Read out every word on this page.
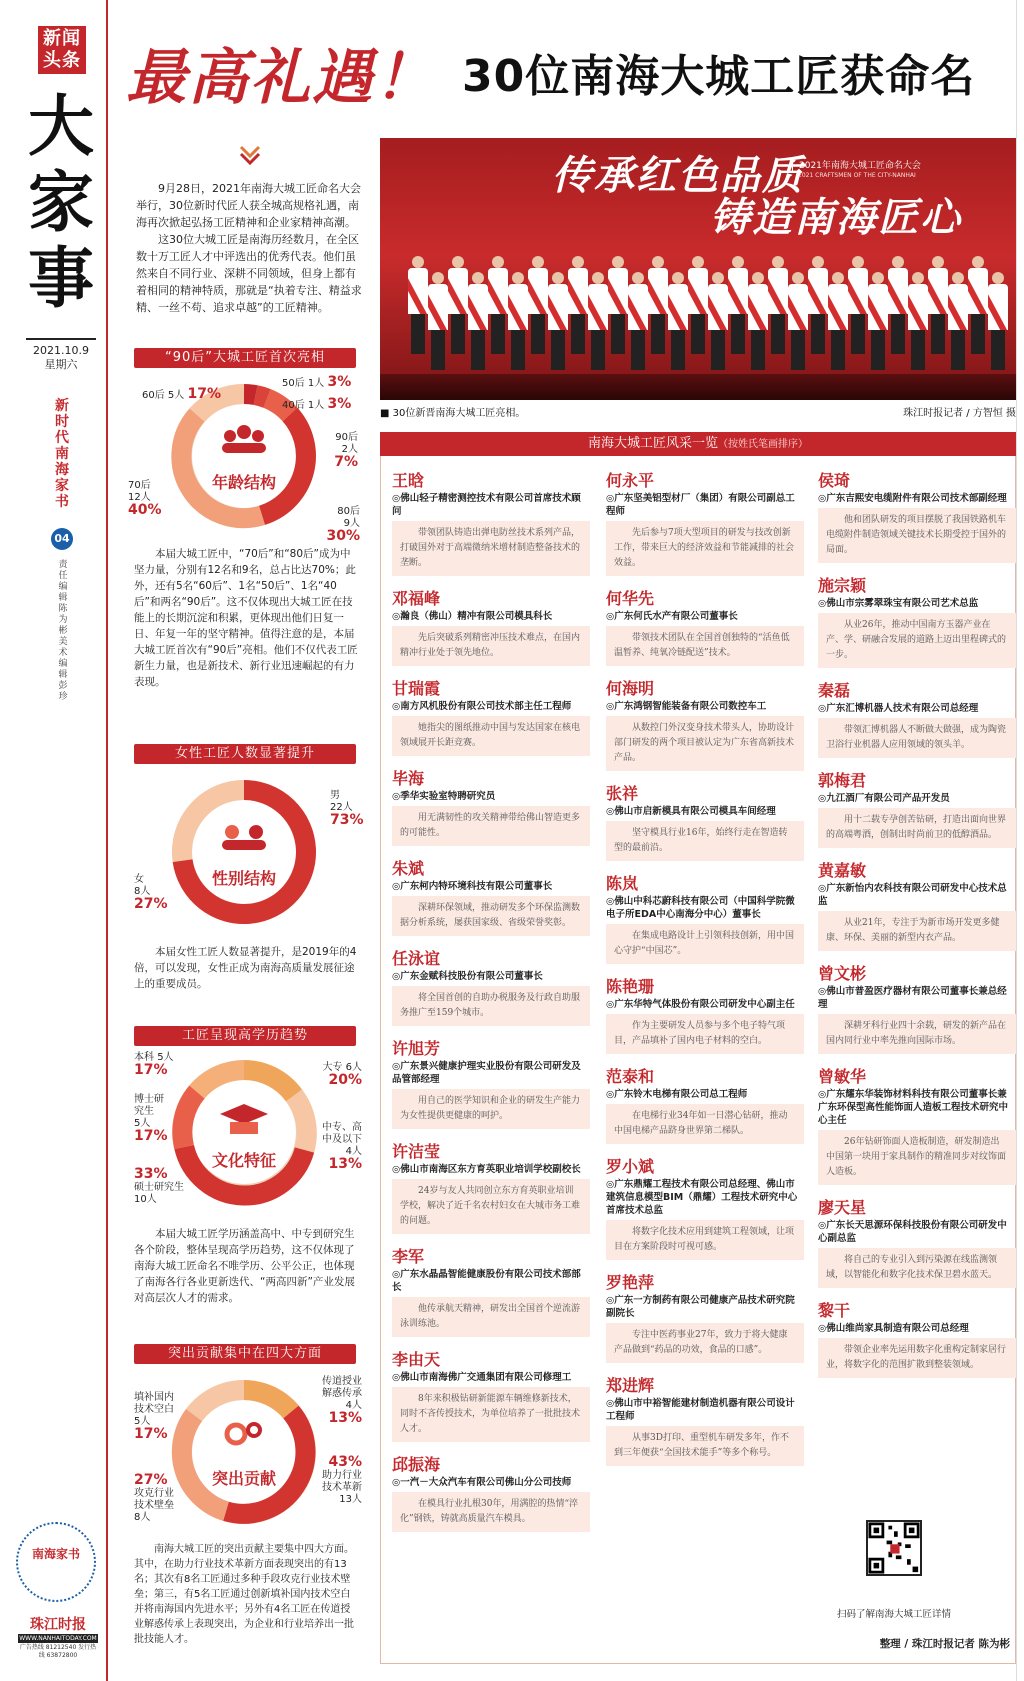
新闻头条
大家事
2021.10.9
星期六
新时代南海家书
04
责任编辑 陈为彬 美术编辑 彭珍
南海家书
珠江时报
WWW.NANHAITODAY.COM
广告热线 81212540 发行热线 63872800
最高礼遇！ 30位南海大城工匠获命名

9月28日，2021年南海大城工匠命名大会举行，30位新时代匠人获全城高规格礼遇，南海再次掀起弘扬工匠精神和企业家精神高潮。

这30位大城工匠是南海历经数月，在全区数十万工匠人才中评选出的优秀代表。他们虽然来自不同行业、深耕不同领域，但身上都有着相同的精神特质，那就是“执着专注、精益求精、一丝不苟、追求卓越”的工匠精神。

传承红色品质
铸造南海匠心
2021年南海大城工匠命名大会
2021 CRAFTSMEN OF THE CITY-NANHAI
■ 30位新晋南海大城工匠亮相。	珠江时报记者 / 方智恒 摄
“90后”大城工匠首次亮相
年龄结构
50后 1人 3%
40后 1人 3%
90后
2人
7%
80后
9人
30%
70后
12人
40%
60后 5人 17%
本届大城工匠中，“70后”和“80后”成为中坚力量，分别有12名和9名，总占比达70%；此外，还有5名“60后”、1名“50后”、1名“40后”和两名“90后”。这不仅体现出大城工匠在技能上的长期沉淀和积累，更体现出他们日复一日、年复一年的坚守精神。值得注意的是，本届大城工匠首次有“90后”亮相。他们不仅代表工匠新生力量，也是新技术、新行业迅速崛起的有力表现。
女性工匠人数显著提升
性别结构
男
22人
73%
女
8人
27%
本届女性工匠人数显著提升，是2019年的4倍，可以发现，女性正成为南海高质量发展征途上的重要成员。
工匠呈现高学历趋势
文化特征
本科 5人
17%	大专 6人
20%
中专、高中及以下
4人
13%
33%
硕士研究生
10人
博士研究生
5人
17%
本届大城工匠学历涵盖高中、中专到研究生各个阶段，整体呈现高学历趋势，这不仅体现了南海大城工匠命名不唯学历、公平公正，也体现了南海各行各业更新迭代、“两高四新”产业发展对高层次人才的需求。
突出贡献集中在四大方面
突出贡献
传道授业解惑传承
4人
13%
43%
助力行业技术革新
13人
27%
攻克行业技术壁垒
8人
填补国内技术空白
5人
17%
南海大城工匠的突出贡献主要集中四大方面。其中，在助力行业技术革新方面表现突出的有13名；其次有8名工匠通过多种手段攻克行业技术壁垒；第三，有5名工匠通过创新填补国内技术空白并将南海国内先进水平；另外有4名工匠在传道授业解惑传承上表现突出，为企业和行业培养出一批批技能人才。
南海大城工匠风采一览（按姓氏笔画排序）
王晗
◎佛山轻子精密测控技术有限公司首席技术顾问
带领团队铸造出弹电防丝技术系列产品，打破国外对于高端微纳米增材制造整备技术的垄断。
邓福峰
◎瀚良（佛山）精冲有限公司模具科长
先后突破系列精密冲压技术难点，在国内精冲行业处于领先地位。
甘瑞霞
◎南方风机股份有限公司技术部主任工程师
她指尖的图纸推动中国与发达国家在核电领域展开长距竞赛。
毕海
◎季华实验室特聘研究员
用无满韧性的攻关精神带给佛山智造更多的可能性。
朱斌
◎广东柯内特环境科技有限公司董事长
深耕环保领域，推动研发多个环保监测数据分析系统，屡获国家级、省级荣誉奖彰。
任泳谊
◎广东金赋科技股份有限公司董事长
将全国首创的自助办税服务及行政自助服务推广至159个城市。
许旭芳
◎广东景兴健康护理实业股份有限公司研发及品管部经理
用自己的医学知识和企业的研发生产能力为女性提供更健康的呵护。
许洁莹
◎佛山市南海区东方育英职业培训学校副校长
24岁与友人共同创立东方育英职业培训学校，解决了近千名农村妇女在大城市务工难的问题。
李军
◎广东水晶晶智能健康股份有限公司技术部部长
他传承航天精神，研发出全国首个逆流游泳训练池。
李由天
◎佛山市南海佛广交通集团有限公司修理工
8年来积极钻研新能源车辆维修新技术，同时不吝传授技术，为单位培养了一批批技术人才。
邱振海
◎一汽－大众汽车有限公司佛山分公司技师
在模具行业扎根30年，用满腔的热情“淬化”钢铁，铸就高质量汽车模具。
何永平
◎广东坚美铝型材厂（集团）有限公司副总工程师
先后参与7项大型项目的研发与技改创新工作，带来巨大的经济效益和节能减排的社会效益。
何华先
◎广东何氏水产有限公司董事长
带领技术团队在全国首创独特的“活鱼低温暂养、纯氧冷链配送”技术。
何海明
◎广东鸿钢智能装备有限公司数控车工
从数控门外汉变身技术带头人，协助设计部门研发的两个项目被认定为广东省高新技术产品。
张祥
◎佛山市启新模具有限公司模具车间经理
坚守模具行业16年，始终行走在智造转型的最前沿。
陈岚
◎佛山中科芯蔚科技有限公司（中国科学院微电子所EDA中心南海分中心）董事长
在集成电路设计上引领科技创新，用中国心守护“中国芯”。
陈艳珊
◎广东华特气体股份有限公司研发中心副主任
作为主要研发人员参与多个电子特气项目，产品填补了国内电子材料的空白。
范泰和
◎广东铃木电梯有限公司总工程师
在电梯行业34年如一日潜心钻研，推动中国电梯产品跻身世界第二梯队。
罗小斌
◎广东鼎耀工程技术有限公司总经理、佛山市建筑信息模型BIM（鼎耀）工程技术研究中心首席技术总监
将数字化技术应用到建筑工程领域，让项目在方案阶段时可视可感。
罗艳萍
◎广东一方制药有限公司健康产品技术研究院副院长
专注中医药事业27年，致力于将大健康产品做到“药品的功效，食品的口感”。
郑进辉
◎佛山市中裕智能建材制造机器有限公司设计工程师
从事3D打印、重型机车研发多年，作不到三年便获“全国技术能手”等多个称号。
侯琦
◎广东吉熙安电缆附件有限公司技术部副经理
他和团队研发的项目摆脱了我国铁路机车电缆附件制造领域关键技术长期受控于国外的局面。
施宗颖
◎佛山市宗雾翠珠宝有限公司艺术总监
从业26年，推动中国南方玉器产业在产、学、研融合发展的道路上迈出里程碑式的一步。
秦磊
◎广东汇博机器人技术有限公司总经理
带领汇博机器人不断做大做强，成为陶瓷卫浴行业机器人应用领域的领头羊。
郭梅君
◎九江酒厂有限公司产品开发员
用十二载专孕创苦钻研，打造出面向世界的高端粤酒，创制出时尚前卫的低醇酒品。
黄嘉敏
◎广东新怡内农科技有限公司研发中心技术总监
从业21年，专注于为新市场开发更多健康、环保、美丽的新型内衣产品。
曾文彬
◎佛山市普盈医疗器材有限公司董事长兼总经理
深耕牙科行业四十余载，研发的新产品在国内同行业中率先推向国际市场。
曾敏华
◎广东耀东华装饰材料科技有限公司董事长兼广东环保型高性能饰面人造板工程技术研究中心主任
26年钻研饰面人造板制造，研发制造出中国第一块用于家具制作的精准同步对纹饰面人造板。
廖天星
◎广东长天思源环保科技股份有限公司研发中心副总监
将自己的专业引入到污染源在线监测领域，以智能化和数字化技术保卫碧水蓝天。
黎干
◎佛山维尚家具制造有限公司总经理
带领企业率先运用数字化重构定制家居行业，将数字化的范围扩散到整装领域。
扫码了解南海大城工匠详情
整理 / 珠江时报记者 陈为彬
